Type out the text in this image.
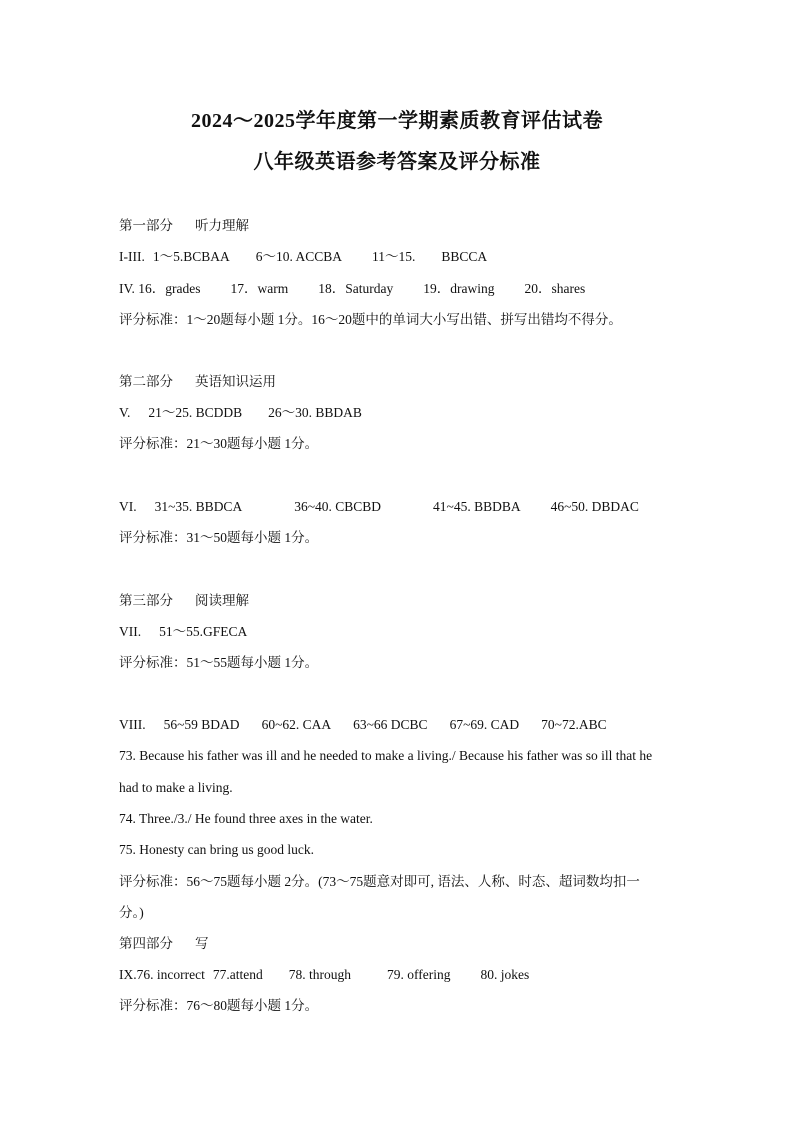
2024～2025学年度第一学期素质教育评估试卷
八年级英语参考答案及评分标准

第一部分 听力理解

I-III. 1～5.BCBAA 6～10. ACCBA 11～15. BBCCA

IV. 16．grades 17．warm 18．Saturday 19．drawing 20．shares

评分标准：1～20题每小题 1分。16～20题中的单词大小写出错、拼写出错均不得分。

第二部分 英语知识运用

V. 21～25. BCDDB 26～30. BBDAB

评分标准：21～30题每小题 1分。

VI. 31~35. BBDCA	36~40. CBCBD	41~45. BBDBA 46~50. DBDAC

评分标准：31～50题每小题 1分。

第三部分 阅读理解

VII. 51～55.GFECA

评分标准：51～55题每小题 1分。

VIII. 56~59 BDAD 60~62. CAA 63~66 DCBC 67~69. CAD 70~72.ABC

73. Because his father was ill and he needed to make a living./ Because his father was so ill that he

had to make a living.

74. Three./3./ He found three axes in the water.

75. Honesty can bring us good luck.

评分标准：56～75题每小题 2分。(73～75题意对即可, 语法、人称、时态、超词数均扣一

分。)

第四部分 写

IX.76. incorrect 77.attend 78. through	79. offering 80. jokes

评分标准：76～80题每小题 1分。
